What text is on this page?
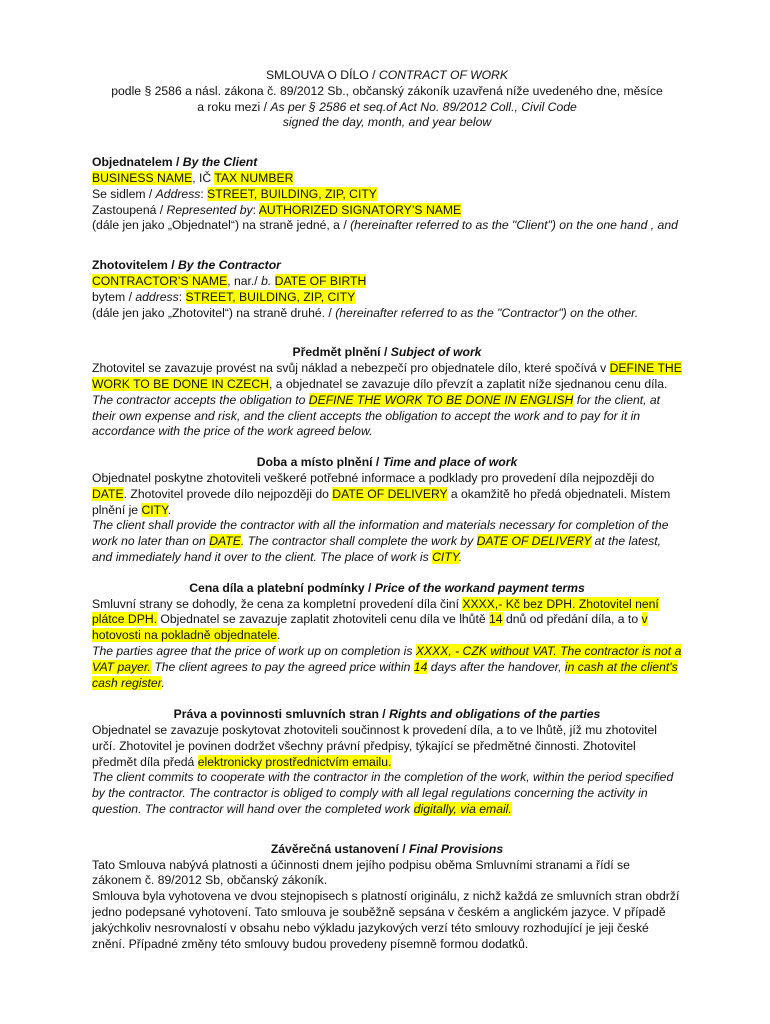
SMLOUVA O DÍLO / CONTRACT OF WORK

podle § 2586 a násl. zákona č. 89/2012 Sb., občanský zákoník uzavřená níže uvedeného dne, měsíce

a roku mezi / As per § 2586 et seq.of Act No. 89/2012 Coll., Civil Code

signed the day, month, and year below

Objednatelem / By the Client

BUSINESS NAME, IČ TAX NUMBER

Se sidlem / Address: STREET, BUILDING, ZIP, CITY

Zastoupená / Represented by: AUTHORIZED SIGNATORY’S NAME

(dále jen jako „Objednatel“) na straně jedné, a / (hereinafter referred to as the "Client") on the one hand , and

Zhotovitelem / By the Contractor

CONTRACTOR’S NAME, nar./ b. DATE OF BIRTH

bytem / address: STREET, BUILDING, ZIP, CITY

(dále jen jako „Zhotovitel“) na straně druhé. / (hereinafter referred to as the "Contractor") on the other.

Předmět plnění / Subject of work

Zhotovitel se zavazuje provést na svůj náklad a nebezpečí pro objednatele dílo, které spočívá v DEFINE THE WORK TO BE DONE IN CZECH, a objednatel se zavazuje dílo převzít a zaplatit níže sjednanou cenu díla.

The contractor accepts the obligation to DEFINE THE WORK TO BE DONE IN ENGLISH for the client, at their own expense and risk, and the client accepts the obligation to accept the work and to pay for it in accordance with the price of the work agreed below.

Doba a místo plnění / Time and place of work

Objednatel poskytne zhotoviteli veškeré potřebné informace a podklady pro provedení díla nejpozději do DATE. Zhotovitel provede dílo nejpozději do DATE OF DELIVERY a okamžitě ho předá objednateli. Místem plnění je CITY.

The client shall provide the contractor with all the information and materials necessary for completion of the work no later than on DATE. The contractor shall complete the work by DATE OF DELIVERY at the latest, and immediately hand it over to the client. The place of work is CITY.

Cena díla a platební podmínky / Price of the workand payment terms

Smluvní strany se dohodly, že cena za kompletní provedení díla činí XXXX,- Kč bez DPH. Zhotovitel není plátce DPH. Objednatel se zavazuje zaplatit zhotoviteli cenu díla ve lhůtě 14 dnů od předání díla, a to v hotovosti na pokladně objednatele.

The parties agree that the price of work up on completion is XXXX, - CZK without VAT. The contractor is not a VAT payer. The client agrees to pay the agreed price within 14 days after the handover, in cash at the client's cash register.

Práva a povinnosti smluvních stran / Rights and obligations of the parties

Objednatel se zavazuje poskytovat zhotoviteli součinnost k provedení díla, a to ve lhůtě, jíž mu zhotovitel určí. Zhotovitel je povinen dodržet všechny právní předpisy, týkající se předmětné činnosti. Zhotovitel předmět díla předá elektronicky prostřednictvím emailu.

The client commits to cooperate with the contractor in the completion of the work, within the period specified by the contractor. The contractor is obliged to comply with all legal regulations concerning the activity in question. The contractor will hand over the completed work digitally, via email.

Závěrečná ustanovení / Final Provisions

Tato Smlouva nabývá platnosti a účinnosti dnem jejího podpisu oběma Smluvními stranami a řídí se zákonem č. 89/2012 Sb, občanský zákoník.

Smlouva byla vyhotovena ve dvou stejnopisech s platností originálu, z nichž každá ze smluvních stran obdrží jedno podepsané vyhotovení. Tato smlouva je souběžně sepsána v českém a anglickém jazyce. V případě jakýchkoliv nesrovnalostí v obsahu nebo výkladu jazykových verzí této smlouvy rozhodující je jeji české znění. Případné změny této smlouvy budou provedeny písemně formou dodatků.
